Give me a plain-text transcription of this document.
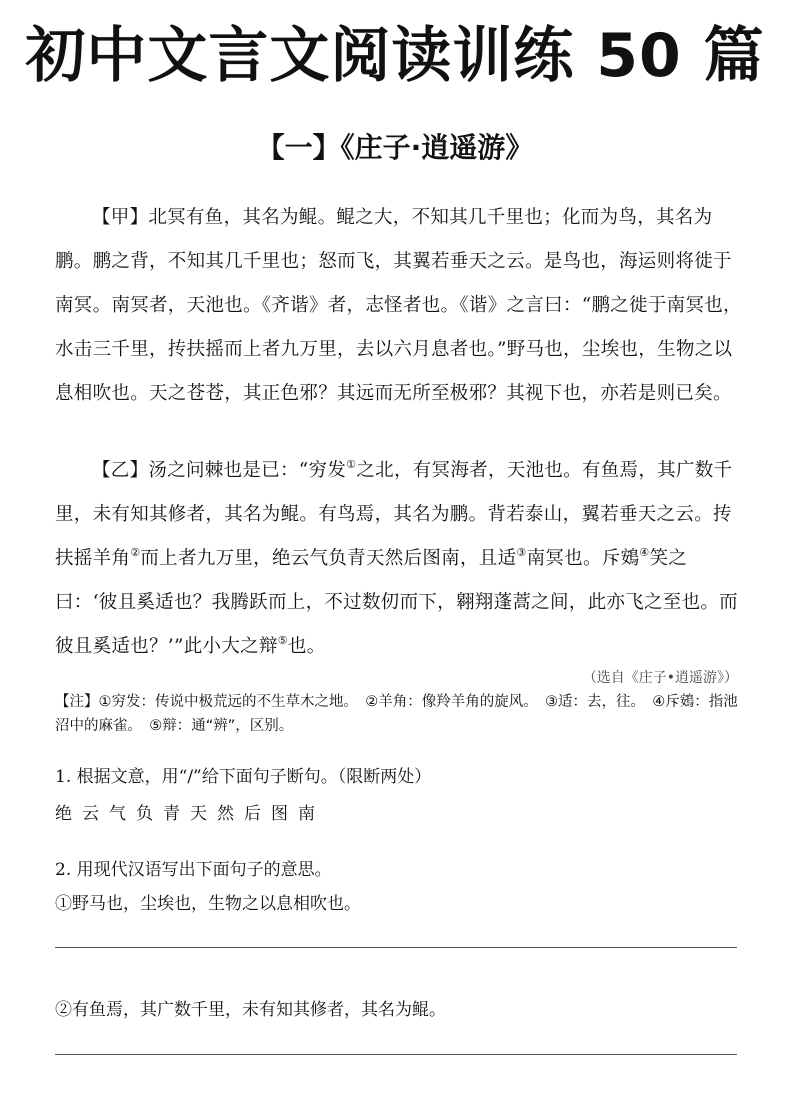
初中文言文阅读训练 50 篇
【一】《庄子·逍遥游》
【甲】北冥有鱼，其名为鲲。鲲之大，不知其几千里也；化而为鸟，其名为鹏。鹏之背，不知其几千里也；怒而飞，其翼若垂天之云。是鸟也，海运则将徙于南冥。南冥者，天池也。《齐谐》者，志怪者也。《谐》之言曰：“鹏之徙于南冥也，水击三千里，抟扶摇而上者九万里，去以六月息者也。”野马也，尘埃也，生物之以息相吹也。天之苍苍，其正色邪？其远而无所至极邪？其视下也，亦若是则已矣。
【乙】汤之问棘也是已：“穷发①之北，有冥海者，天池也。有鱼焉，其广数千里，未有知其修者，其名为鲲。有鸟焉，其名为鹏。背若泰山，翼若垂天之云。抟扶摇羊角②而上者九万里，绝云气负青天然后图南，且适③南冥也。斥鴳④笑之曰：‘彼且奚适也？我腾跃而上，不过数仞而下，翱翔蓬蒿之间，此亦飞之至也。而彼且奚适也？’”此小大之辩⑤也。
（选自《庄子•逍遥游》）
【注】①穷发：传说中极荒远的不生草木之地。　②羊角：像羚羊角的旋风。　③适：去，往。　④斥鴳：指池沼中的麻雀。　⑤辩：通“辨”，区别。
1. 根据文意，用“/”给下面句子断句。（限断两处）
绝云气负青天然后图南
2. 用现代汉语写出下面句子的意思。
①野马也，尘埃也，生物之以息相吹也。
②有鱼焉，其广数千里，未有知其修者，其名为鲲。
